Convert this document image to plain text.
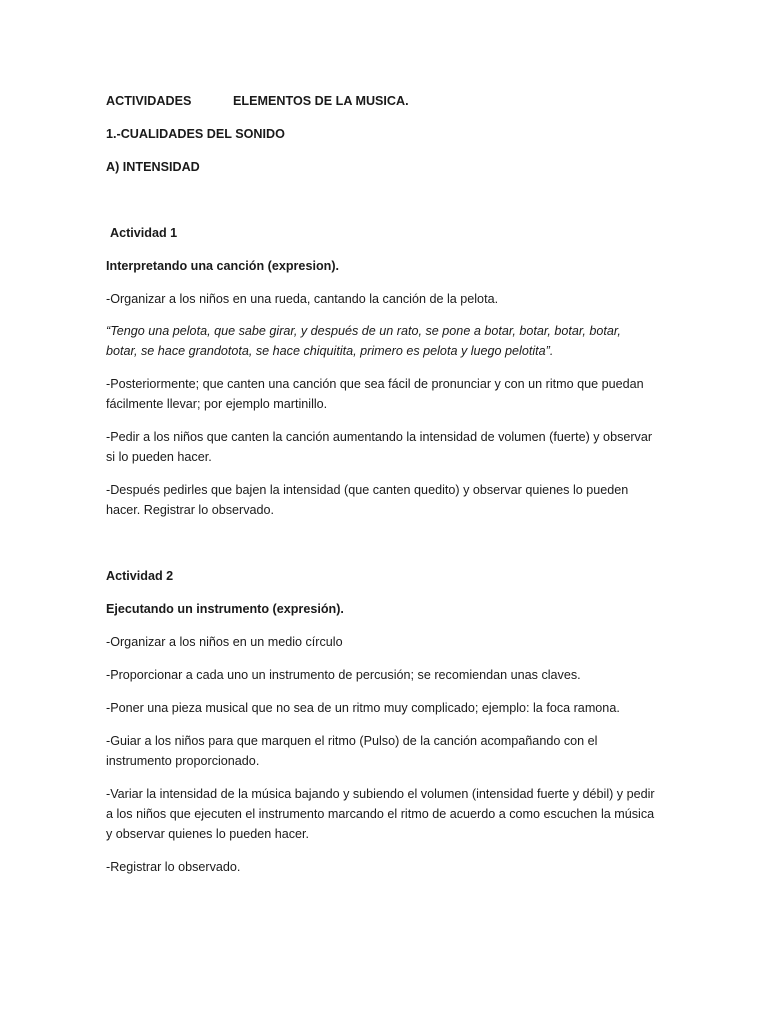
ACTIVIDADES	ELEMENTOS DE LA MUSICA.

1.-CUALIDADES DEL SONIDO

A) INTENSIDAD

Actividad 1

Interpretando una canción (expresion).

-Organizar a los niños en una rueda, cantando la canción de la pelota.

“Tengo una pelota, que sabe girar, y después de un rato, se pone a botar, botar, botar, botar,
botar, se hace grandotota, se hace chiquitita, primero es pelota y luego pelotita”.
-Posteriormente; que canten una canción que sea fácil de pronunciar y con un ritmo que puedan
fácilmente llevar; por ejemplo martinillo.
-Pedir a los niños que canten la canción aumentando la intensidad de volumen (fuerte) y observar
si lo pueden hacer.
-Después pedirles que bajen la intensidad (que canten quedito) y observar quienes lo pueden
hacer. Registrar lo observado.

Actividad 2

Ejecutando un instrumento (expresión).

-Organizar a los niños en un medio círculo

-Proporcionar a cada uno un instrumento de percusión; se recomiendan unas claves.

-Poner una pieza musical que no sea de un ritmo muy complicado; ejemplo: la foca ramona.

-Guiar a los niños para que marquen el ritmo (Pulso) de la canción acompañando con el
instrumento proporcionado.
-Variar la intensidad de la música bajando y subiendo el volumen (intensidad fuerte y débil) y pedir
a los niños que ejecuten el instrumento marcando el ritmo de acuerdo a como escuchen la música
y observar quienes lo pueden hacer.

-Registrar lo observado.
